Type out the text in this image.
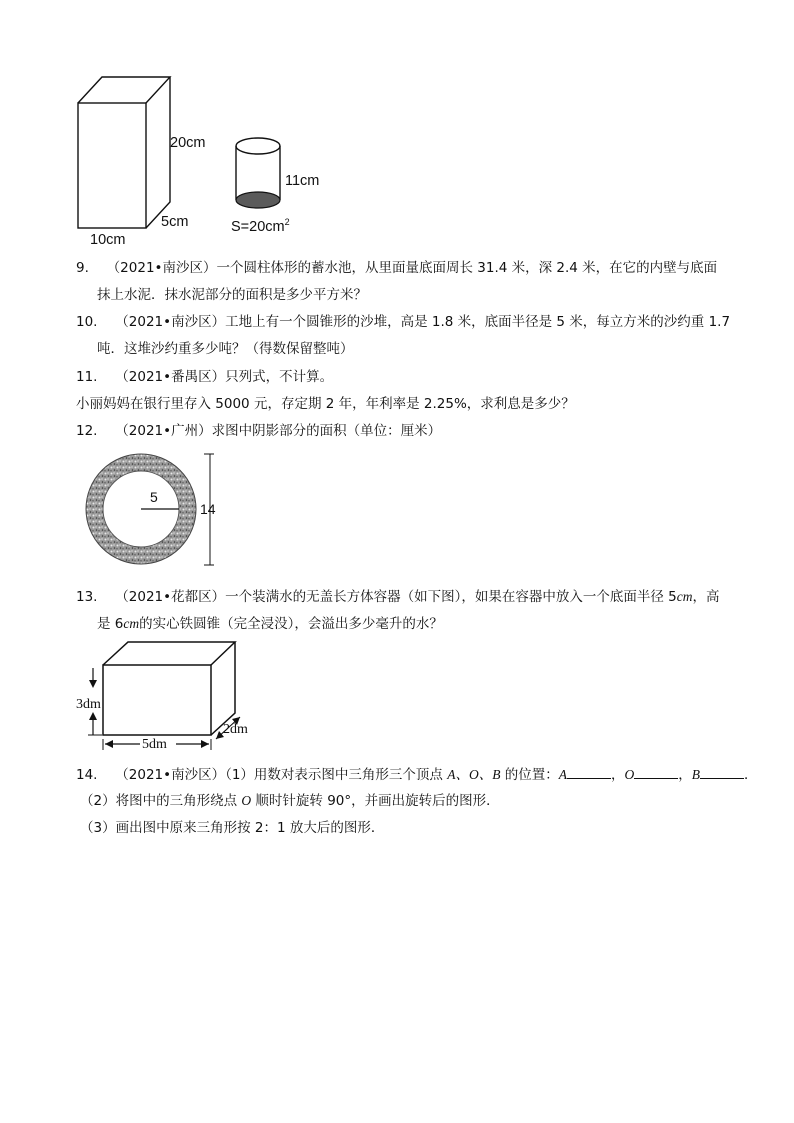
20cm
5cm
10cm
11cm
$S=20cm^2$
9.　 （2021•南沙区）一个圆柱体形的蓄水池，从里面量底面周长 31.4 米，深 2.4 米，在它的内壁与底面
抹上水泥．抹水泥部分的面积是多少平方米？
10.　 （2021•南沙区）工地上有一个圆锥形的沙堆，高是 1.8 米，底面半径是 5 米，每立方米的沙约重 1.7
吨．这堆沙约重多少吨？（得数保留整吨）
11.　 （2021•番禺区）只列式，不计算。
小丽妈妈在银行里存入 5000 元，存定期 2 年，年利率是 2.25%，求利息是多少？
12.　 （2021•广州）求图中阴影部分的面积（单位：厘米）
5
14
13.　 （2021•花都区）一个装满水的无盖长方体容器（如下图），如果在容器中放入一个底面半径 5cm，高
是 6cm的实心铁圆锥（完全浸没），会溢出多少毫升的水？
3dm
5dm
2dm
14.　 （2021•南沙区）（1）用数对表示图中三角形三个顶点 A、O、B 的位置：A	，O	，B	．
（2）将图中的三角形绕点 O 顺时针旋转 90°，并画出旋转后的图形．
（3）画出图中原来三角形按 2：1 放大后的图形．
